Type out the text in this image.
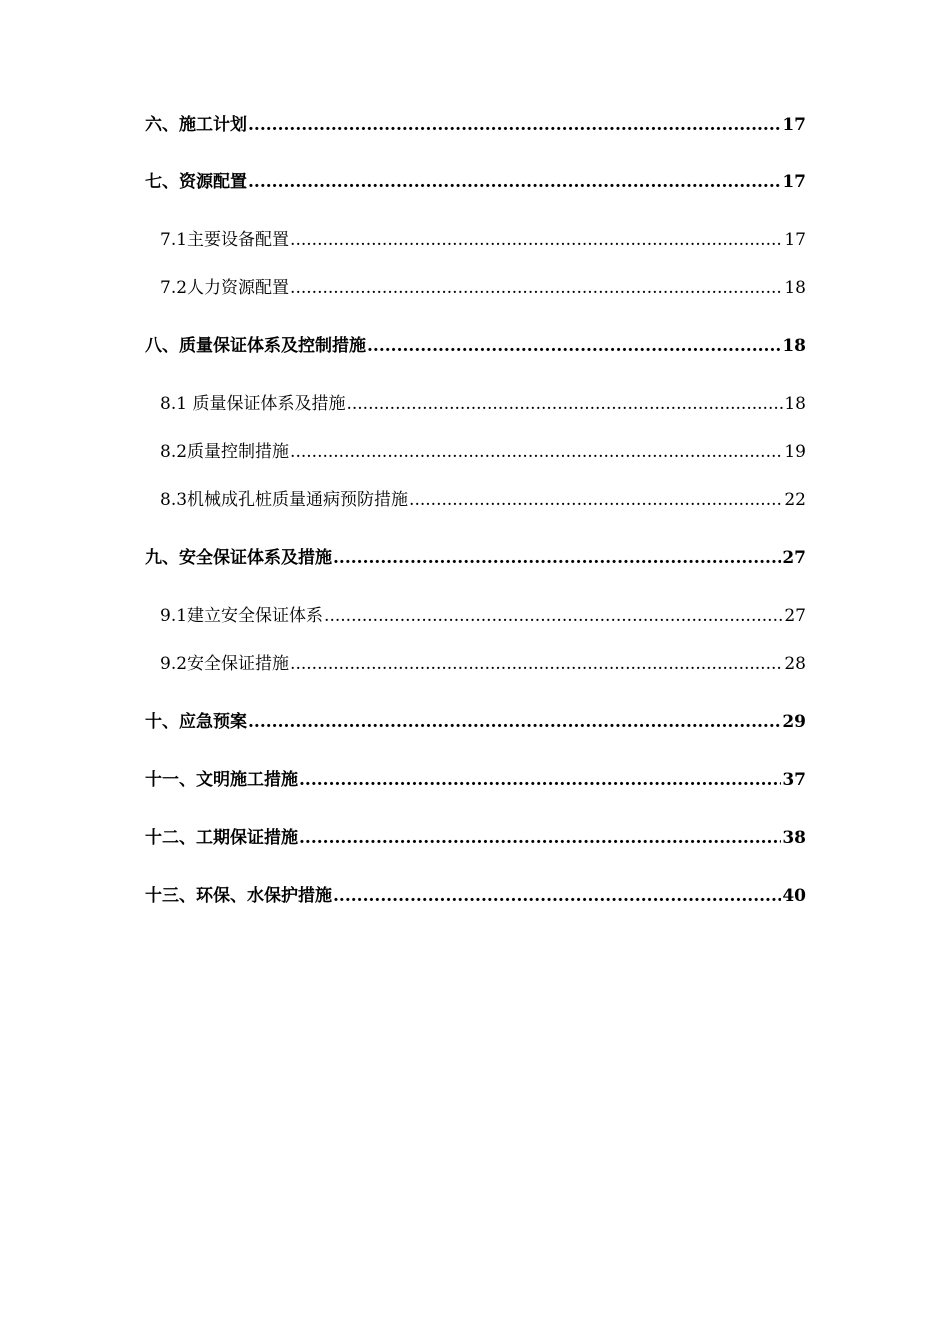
六、施工计划 .....	17
七、资源配置 .....	17
7.1主要设备配置 .....	17
7.2人力资源配置 .....	18
八、质量保证体系及控制措施 .....	18
8.1 质量保证体系及措施 .....	18
8.2质量控制措施 .....	19
8.3机械成孔桩质量通病预防措施 .....	22
九、安全保证体系及措施 .....	27
9.1建立安全保证体系 .....	27
9.2安全保证措施 .....	28
十、应急预案 .....	29
十一、文明施工措施 .....	37
十二、工期保证措施 .....	38
十三、环保、水保护措施 .....	40
